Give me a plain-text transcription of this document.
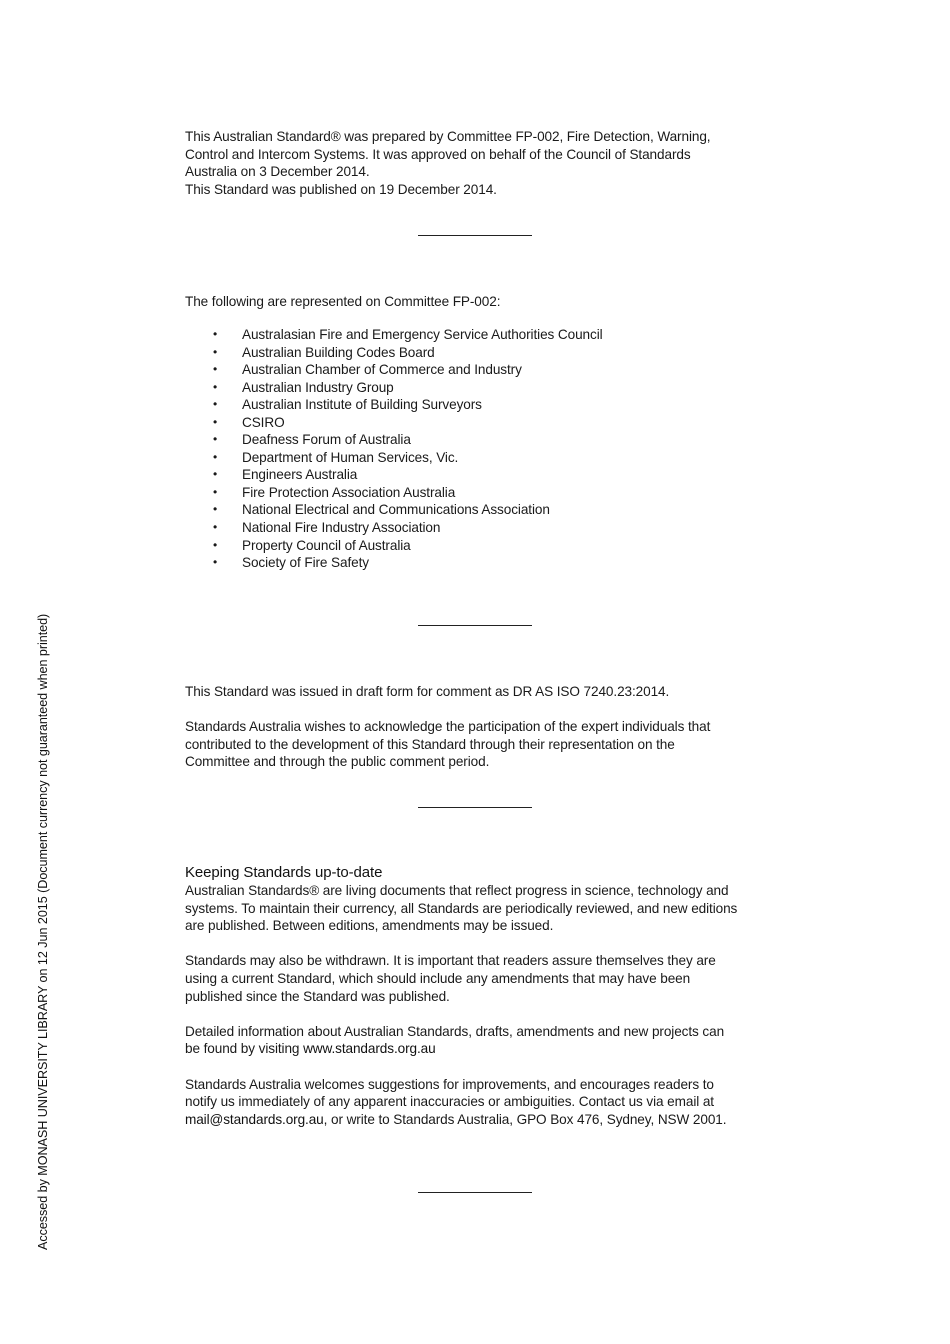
Accessed by MONASH UNIVERSITY LIBRARY on 12 Jun 2015 (Document currency not guaranteed when printed)

This Australian Standard® was prepared by Committee FP-002, Fire Detection, Warning,

Control and Intercom Systems. It was approved on behalf of the Council of Standards

Australia on 3 December 2014.

This Standard was published on 19 December 2014.

The following are represented on Committee FP-002:

• Australasian Fire and Emergency Service Authorities Council
• Australian Building Codes Board
• Australian Chamber of Commerce and Industry
• Australian Industry Group
• Australian Institute of Building Surveyors
• CSIRO
• Deafness Forum of Australia
• Department of Human Services, Vic.
• Engineers Australia
• Fire Protection Association Australia
• National Electrical and Communications Association
• National Fire Industry Association
• Property Council of Australia
• Society of Fire Safety

This Standard was issued in draft form for comment as DR AS ISO 7240.23:2014.

Standards Australia wishes to acknowledge the participation of the expert individuals that

contributed to the development of this Standard through their representation on the

Committee and through the public comment period.

Keeping Standards up-to-date

Australian Standards® are living documents that reflect progress in science, technology and

systems. To maintain their currency, all Standards are periodically reviewed, and new editions

are published. Between editions, amendments may be issued.

Standards may also be withdrawn. It is important that readers assure themselves they are

using a current Standard, which should include any amendments that may have been

published since the Standard was published.

Detailed information about Australian Standards, drafts, amendments and new projects can

be found by visiting www.standards.org.au

Standards Australia welcomes suggestions for improvements, and encourages readers to

notify us immediately of any apparent inaccuracies or ambiguities. Contact us via email at

mail@standards.org.au, or write to Standards Australia, GPO Box 476, Sydney, NSW 2001.
